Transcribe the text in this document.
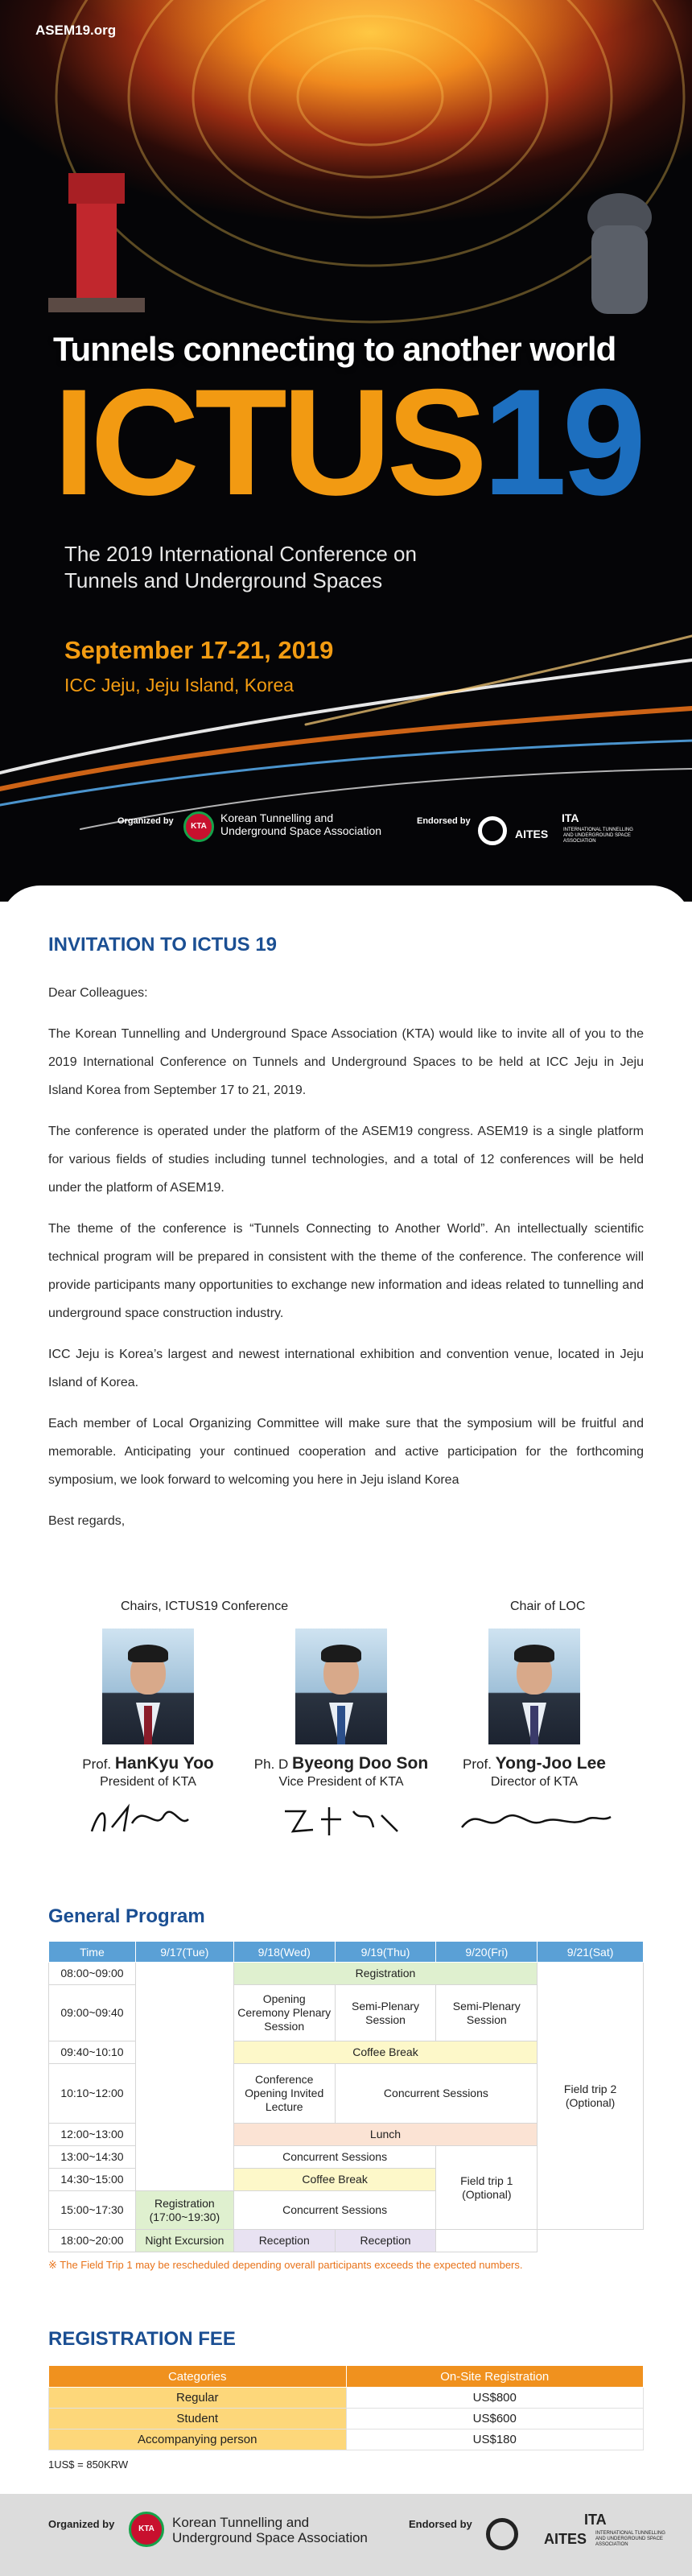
ASEM19.org
Tunnels connecting to another world
ICTUS19
The 2019 International Conference on Tunnels and Underground Spaces
September 17-21, 2019
ICC Jeju, Jeju Island, Korea
Organized by
KTA
Korean Tunnelling and Underground Space Association
Endorsed by	ITA
AITES	INTERNATIONAL TUNNELLING AND UNDERGROUND SPACE ASSOCIATION
INVITATION TO ICTUS 19

Dear Colleagues:

The Korean Tunnelling and Underground Space Association (KTA) would like to invite all of you to the 2019 International Conference on Tunnels and Underground Spaces to be held at ICC Jeju in Jeju Island Korea from September 17 to 21, 2019.

The conference is operated under the platform of the ASEM19 congress. ASEM19 is a single platform for various fields of studies including tunnel technologies, and a total of 12 conferences will be held under the platform of ASEM19.

The theme of the conference is “Tunnels Connecting to Another World”. An intellectually scientific technical program will be prepared in consistent with the theme of the conference. The conference will provide participants many opportunities to exchange new information and ideas related to tunnelling and underground space construction industry.

ICC Jeju is Korea’s largest and newest international exhibition and convention venue, located in Jeju Island of Korea.

Each member of Local Organizing Committee will make sure that the symposium will be fruitful and memorable. Anticipating your continued cooperation and active participation for the forthcoming symposium, we look forward to welcoming you here in Jeju island Korea

Best regards,

Chairs, ICTUS19 Conference	Chair of LOC
Prof. HanKyu Yoo
President of KTA
Ph. D Byeong Doo Son
Vice President of KTA
Prof. Yong-Joo Lee
Director of KTA
General Program
Time	9/17(Tue)	9/18(Wed)	9/19(Thu)	9/20(Fri)	9/21(Sat)
08:00~09:00		Registration			Field trip 2 (Optional)
09:00~09:40		Opening Ceremony Plenary Session	Semi-Plenary Session	Semi-Plenary Session	
09:40~10:10		Coffee Break			
10:10~12:00		Conference Opening Invited Lecture	Concurrent Sessions		
12:00~13:00		Lunch			
13:00~14:30		Concurrent Sessions		Field trip 1 (Optional)	
14:30~15:00		Coffee Break			
15:00~17:30	Registration (17:00~19:30)	Concurrent Sessions			
18:00~20:00	Night Excursion	Reception	Reception		
※ The Field Trip 1 may be rescheduled depending overall participants exceeds the expected numbers.
REGISTRATION FEE
Categories	On-Site Registration
Regular	US$800
Student	US$600
Accompanying person	US$180
1US$ = 850KRW
Organized by	KTA	Korean Tunnelling and Underground Space Association
Endorsed by	ITA
AITES INTERNATIONAL TUNNELLING AND UNDERGROUND SPACE ASSOCIATION
